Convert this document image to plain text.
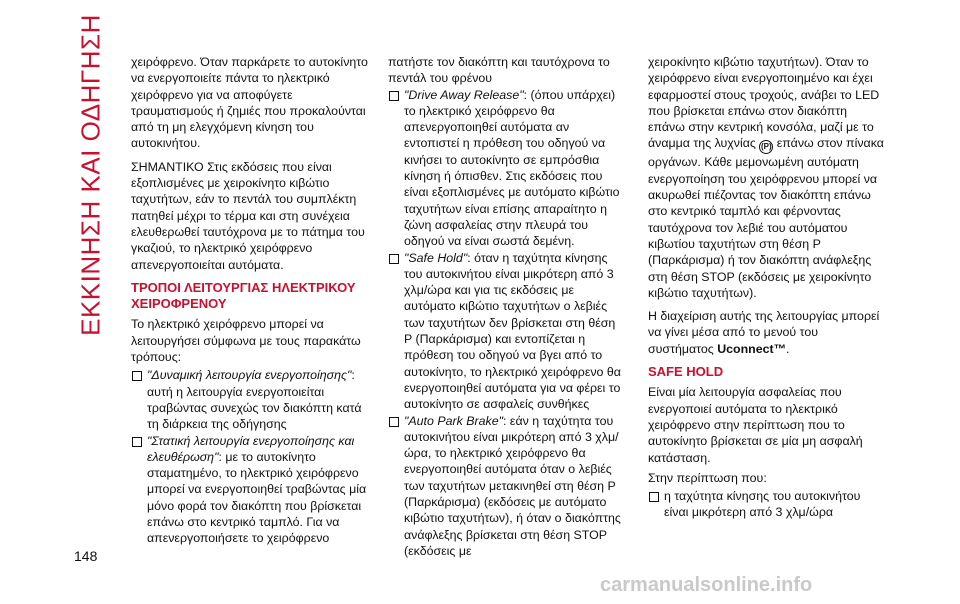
ΕΚΚΙΝΗΣΗ ΚΑΙ ΟΔΗΓΗΣΗ χειρόφρενο. Όταν παρκάρετε το αυτοκίνητο να ενεργοποιείτε πάντα το ηλεκτρικό χειρόφρενο για να αποφύγετε τραυματισμούς ή ζημιές που προκαλούνται από τη μη ελεγχόμενη κίνηση του αυτοκινήτου.

ΣΗΜΑΝΤΙΚΟ Στις εκδόσεις που είναι εξοπλισμένες με χειροκίνητο κιβώτιο ταχυτήτων, εάν το πεντάλ του συμπλέκτη πατηθεί μέχρι το τέρμα και στη συνέχεια ελευθερωθεί ταυτόχρονα με το πάτημα του γκαζιού, το ηλεκτρικό χειρόφρενο απενεργοποιείται αυτόματα.

ΤΡΟΠΟΙ ΛΕΙΤΟΥΡΓΙΑΣ ΗΛΕΚΤΡΙΚΟΥ ΧΕΙΡΟΦΡΕΝΟΥ

Το ηλεκτρικό χειρόφρενο μπορεί να λειτουργήσει σύμφωνα με τους παρακάτω τρόπους:

"Δυναμική λειτουργία ενεργοποίησης": αυτή η λειτουργία ενεργοποιείται τραβώντας συνεχώς τον διακόπτη κατά τη διάρκεια της οδήγησης
"Στατική λειτουργία ενεργοποίησης και ελευθέρωση": με το αυτοκίνητο σταματημένο, το ηλεκτρικό χειρόφρενο μπορεί να ενεργοποιηθεί τραβώντας μία μόνο φορά τον διακόπτη που βρίσκεται επάνω στο κεντρικό ταμπλό. Για να απενεργοποιήσετε το χειρόφρενο

πατήστε τον διακόπτη και ταυτόχρονα το πεντάλ του φρένου

"Drive Away Release": (όπου υπάρχει) το ηλεκτρικό χειρόφρενο θα απενεργοποιηθεί αυτόματα αν εντοπιστεί η πρόθεση του οδηγού να κινήσει το αυτοκίνητο σε εμπρόσθια κίνηση ή όπισθεν. Στις εκδόσεις που είναι εξοπλισμένες με αυτόματο κιβώτιο ταχυτήτων είναι επίσης απαραίτητο η ζώνη ασφαλείας στην πλευρά του οδηγού να είναι σωστά δεμένη.
"Safe Hold": όταν η ταχύτητα κίνησης του αυτοκινήτου είναι μικρότερη από 3 χλμ/ώρα και για τις εκδόσεις με αυτόματο κιβώτιο ταχυτήτων ο λεβιές των ταχυτήτων δεν βρίσκεται στη θέση P (Παρκάρισμα) και εντοπίζεται η πρόθεση του οδηγού να βγει από το αυτοκίνητο, το ηλεκτρικό χειρόφρενο θα ενεργοποιηθεί αυτόματα για να φέρει το αυτοκίνητο σε ασφαλείς συνθήκες
"Auto Park Brake": εάν η ταχύτητα του αυτοκινήτου είναι μικρότερη από 3 χλμ/ώρα, το ηλεκτρικό χειρόφρενο θα ενεργοποιηθεί αυτόματα όταν ο λεβιές των ταχυτήτων μετακινηθεί στη θέση P (Παρκάρισμα) (εκδόσεις με αυτόματο κιβώτιο ταχυτήτων), ή όταν ο διακόπτης ανάφλεξης βρίσκεται στη θέση STOP (εκδόσεις με

χειροκίνητο κιβώτιο ταχυτήτων). Όταν το χειρόφρενο είναι ενεργοποιημένο και έχει εφαρμοστεί στους τροχούς, ανάβει το LED που βρίσκεται επάνω στον διακόπτη επάνω στην κεντρική κονσόλα, μαζί με το άναμμα της λυχνίας (P) επάνω στον πίνακα οργάνων. Κάθε μεμονωμένη αυτόματη ενεργοποίηση του χειρόφρενου μπορεί να ακυρωθεί πιέζοντας τον διακόπτη επάνω στο κεντρικό ταμπλό και φέρνοντας ταυτόχρονα τον λεβιέ του αυτόματου κιβωτίου ταχυτήτων στη θέση P (Παρκάρισμα) ή τον διακόπτη ανάφλεξης στη θέση STOP (εκδόσεις με χειροκίνητο κιβώτιο ταχυτήτων).

Η διαχείριση αυτής της λειτουργίας μπορεί να γίνει μέσα από το μενού του συστήματος Uconnect™.

SAFE HOLD

Είναι μία λειτουργία ασφαλείας που ενεργοποιεί αυτόματα το ηλεκτρικό χειρόφρενο στην περίπτωση που το αυτοκίνητο βρίσκεται σε μία μη ασφαλή κατάσταση.

Στην περίπτωση που:

η ταχύτητα κίνησης του αυτοκινήτου είναι μικρότερη από 3 χλμ/ώρα
148
carmanualsonline.info
